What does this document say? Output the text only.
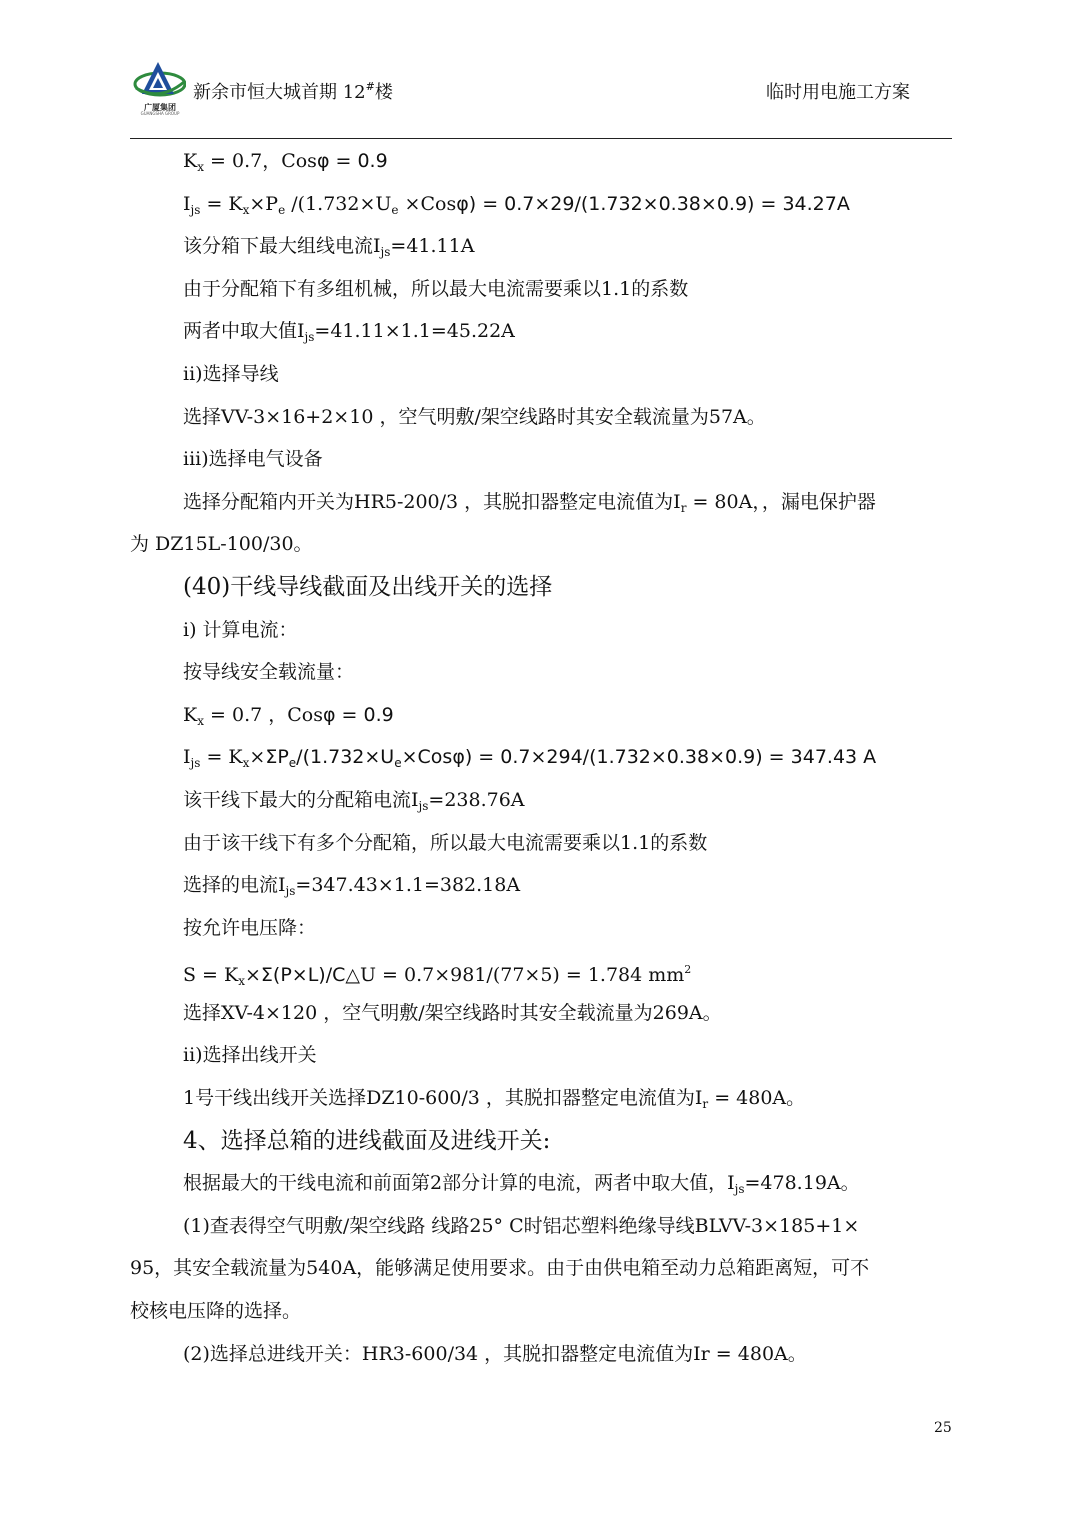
广厦集团
GUANGSHA GROUP
新余市恒大城首期 12#楼	临时用电施工方案
$K_x = 0.7$，Cosφ = 0.9
$I_{js} = K_x\times P_e$ $/(1.732\times U_e \times Cos\varphi) = 0.7\times 29/(1.732\times 0.38\times 0.9) = 34.27A$
该分箱下最大组线电流$I_{js}=41.11A$
由于分配箱下有多组机械，所以最大电流需要乘以1.1的系数
两者中取大值$I_{js}=41.11\times 1.1=45.22A$
ii)选择导线
选择VV-3×16+2×10 ，空气明敷/架空线路时其安全载流量为57A。
iii)选择电气设备
选择分配箱内开关为HR5-200/3 ，其脱扣器整定电流值为$I_r = 80A$，，漏电保护器
为 DZ15L-100/30。
(40)干线导线截面及出线开关的选择
i) 计算电流：
按导线安全载流量：
$K_x = 0.7$ ，Cosφ = 0.9
$I_{js} = K_x\times\Sigma P_e/(1.732\times U_e\times Cos\varphi) = 0.7\times 294/(1.732\times 0.38\times 0.9) = 347.43$ A
该干线下最大的分配箱电流$I_{js}=238.76A$
由于该干线下有多个分配箱，所以最大电流需要乘以1.1的系数
选择的电流$I_{js}=347.43\times 1.1=382.18A$
按允许电压降：
$S = K_x\times\Sigma(P\times L)/C\triangle U = 0.7\times 981/(77\times 5) = 1.784$ $mm^2$
选择XV-4×120 ，空气明敷/架空线路时其安全载流量为269A。
ii)选择出线开关
1号干线出线开关选择DZ10-600/3 ，其脱扣器整定电流值为$I_r = 480A$。
4、选择总箱的进线截面及进线开关:
根据最大的干线电流和前面第2部分计算的电流，两者中取大值，$I_{js}=478.19A$。
(1)查表得空气明敷/架空线路 线路25° C时铝芯塑料绝缘导线BLVV-3×185+1×
95，其安全载流量为540A，能够满足使用要求。由于由供电箱至动力总箱距离短，可不
校核电压降的选择。
(2)选择总进线开关：HR3-600/34 ，其脱扣器整定电流值为Ir = 480A。
25
